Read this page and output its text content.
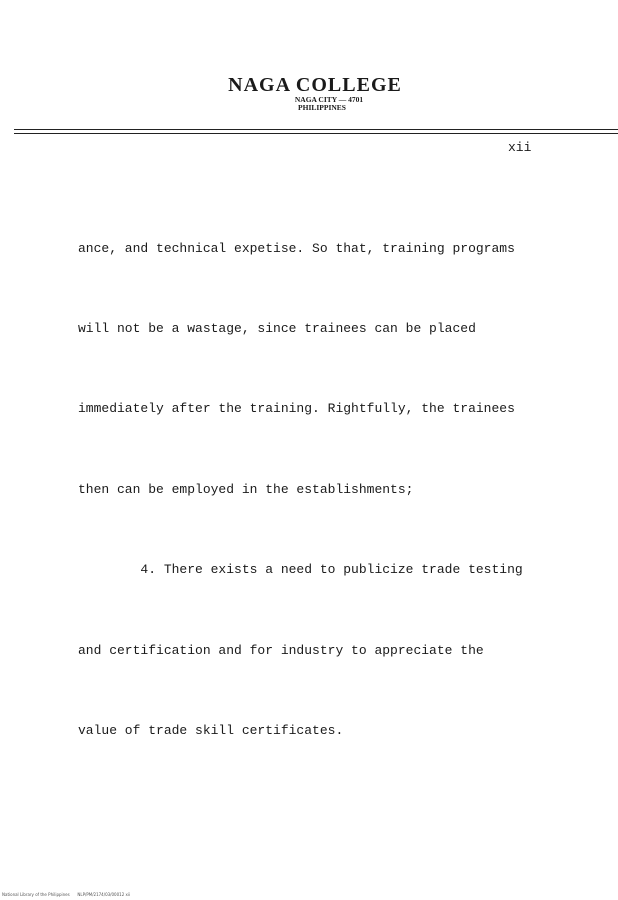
NAGA COLLEGE
NAGA CITY — 4701
PHILIPPINES
xii

ance, and technical expetise. So that, training programs

will not be a wastage, since trainees can be placed

immediately after the training. Rightfully, the trainees

then can be employed in the establishments;

4. There exists a need to publicize trade testing

and certification and for industry to appreciate the

value of trade skill certificates.

National Library of the Philippines NLP/PM/2174/03/00012 xii
